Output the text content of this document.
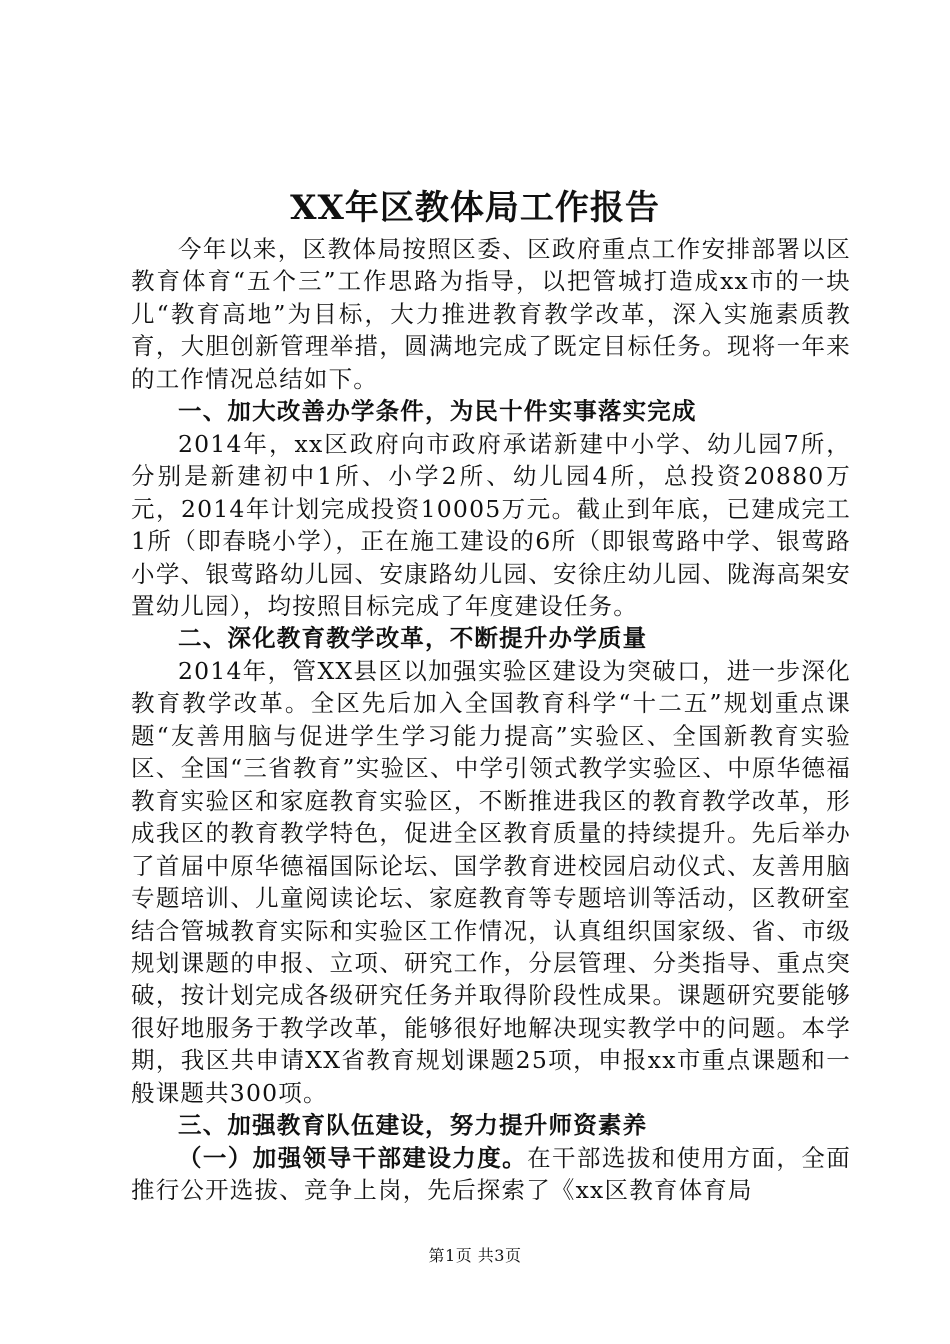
XX年区教体局工作报告

今年以来，区教体局按照区委、区政府重点工作安排部署以区教育体育“五个三”工作思路为指导，以把管城打造成xx市的一块儿“教育高地”为目标，大力推进教育教学改革，深入实施素质教育，大胆创新管理举措，圆满地完成了既定目标任务。现将一年来的工作情况总结如下。

一、加大改善办学条件，为民十件实事落实完成

2014年，xx区政府向市政府承诺新建中小学、幼儿园7所，分别是新建初中1所、小学2所、幼儿园4所，总投资20880万元，2014年计划完成投资10005万元。截止到年底，已建成完工1所（即春晓小学），正在施工建设的6所（即银莺路中学、银莺路小学、银莺路幼儿园、安康路幼儿园、安徐庄幼儿园、陇海高架安置幼儿园），均按照目标完成了年度建设任务。

二、深化教育教学改革，不断提升办学质量

2014年，管XX县区以加强实验区建设为突破口，进一步深化教育教学改革。全区先后加入全国教育科学“十二五”规划重点课题“友善用脑与促进学生学习能力提高”实验区、全国新教育实验区、全国“三省教育”实验区、中学引领式教学实验区、中原华德福教育实验区和家庭教育实验区，不断推进我区的教育教学改革，形成我区的教育教学特色，促进全区教育质量的持续提升。先后举办了首届中原华德福国际论坛、国学教育进校园启动仪式、友善用脑专题培训、儿童阅读论坛、家庭教育等专题培训等活动，区教研室结合管城教育实际和实验区工作情况，认真组织国家级、省、市级规划课题的申报、立项、研究工作，分层管理、分类指导、重点突破，按计划完成各级研究任务并取得阶段性成果。课题研究要能够很好地服务于教学改革，能够很好地解决现实教学中的问题。本学期，我区共申请XX省教育规划课题25项，申报xx市重点课题和一般课题共300项。

三、加强教育队伍建设，努力提升师资素养

（一）加强领导干部建设力度。在干部选拔和使用方面，全面推行公开选拔、竞争上岗，先后探索了《xx区教育体育局

第1页 共3页
